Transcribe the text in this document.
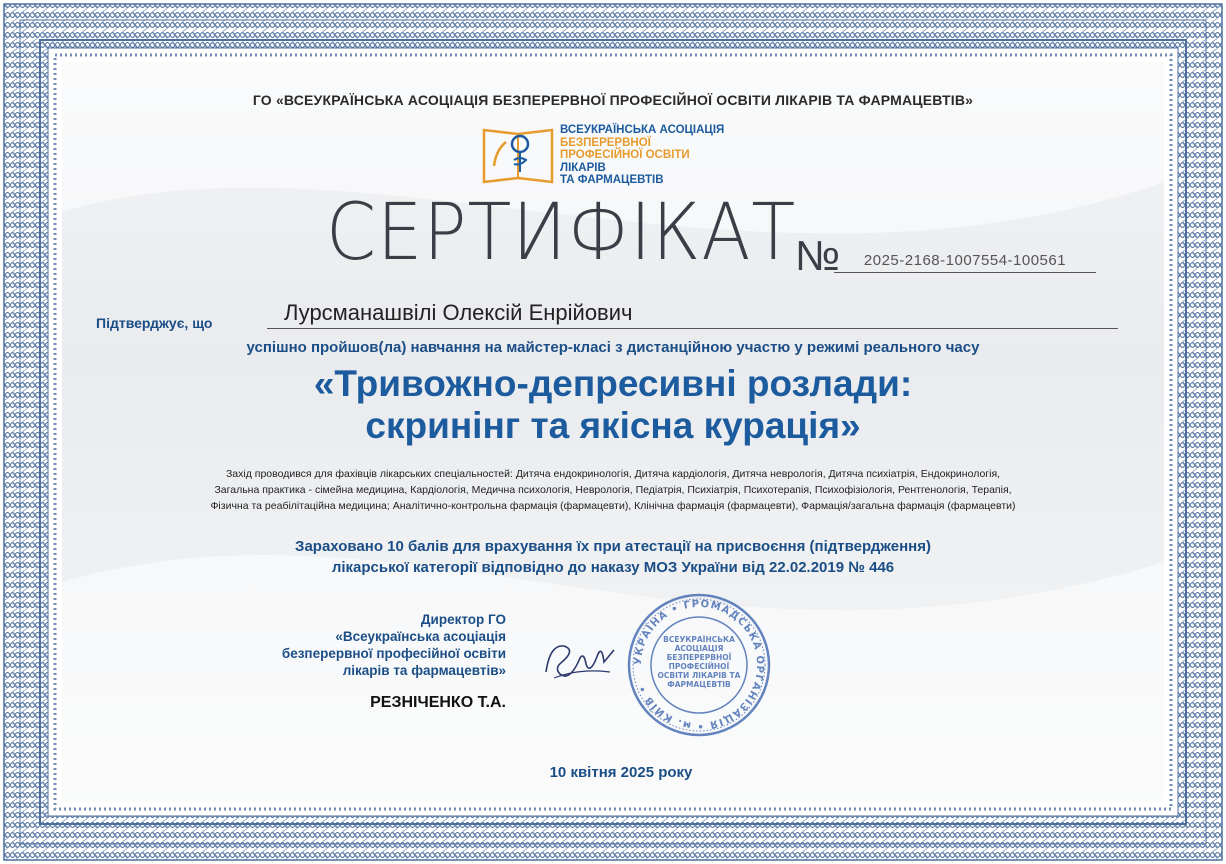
ГО «ВСЕУКРАЇНСЬКА АСОЦІАЦІЯ БЕЗПЕРЕРВНОЇ ПРОФЕСІЙНОЇ ОСВІТИ ЛІКАРІВ ТА ФАРМАЦЕВТІВ»
ВСЕУКРАЇНСЬКА АСОЦІАЦІЯ
БЕЗПЕРЕРВНОЇ
ПРОФЕСІЙНОЇ ОСВІТИ
ЛІКАРІВ
ТА ФАРМАЦЕВТІВ
СЕРТИФІКАТ
№	2025-2168-1007554-100561
Підтверджує, що	Лурсманашвілі Олексій Енрійович
успішно пройшов(ла) навчання на майстер-класі з дистанційною участю у режимі реального часу
«Тривожно-депресивні розлади:
скринінг та якісна курація»
Захід проводився для фахівців лікарських спеціальностей: Дитяча ендокринологія, Дитяча кардіологія, Дитяча неврологія, Дитяча психіатрія, Ендокринологія,
Загальна практика - сімейна медицина, Кардіологія, Медична психологія, Неврологія, Педіатрія, Психіатрія, Психотерапія, Психофізіологія, Рентгенологія, Терапія,
Фізична та реабілітаційна медицина; Аналітично-контрольна фармація (фармацевти), Клінічна фармація (фармацевти), Фармація/загальна фармація (фармацевти)
Зараховано 10 балів для врахування їх при атестації на присвоєння (підтвердження)
лікарської категорії відповідно до наказу МОЗ України від 22.02.2019 № 446
Директор ГО
«Всеукраїнська асоціація
безперервної професійної освіти
лікарів та фармацевтів»
РЕЗНІЧЕНКО Т.А.
УКРАЇНА • ГРОМАДСЬКА ОРГАНІЗАЦІЯ • м. КИЇВ •
ВСЕУКРАЇНСЬКА АСОЦІАЦІЯ БЕЗПЕРЕРВНОЇ ПРОФЕСІЙНОЇ ОСВІТИ ЛІКАРІВ ТА ФАРМАЦЕВТІВ
10 квітня 2025 року
